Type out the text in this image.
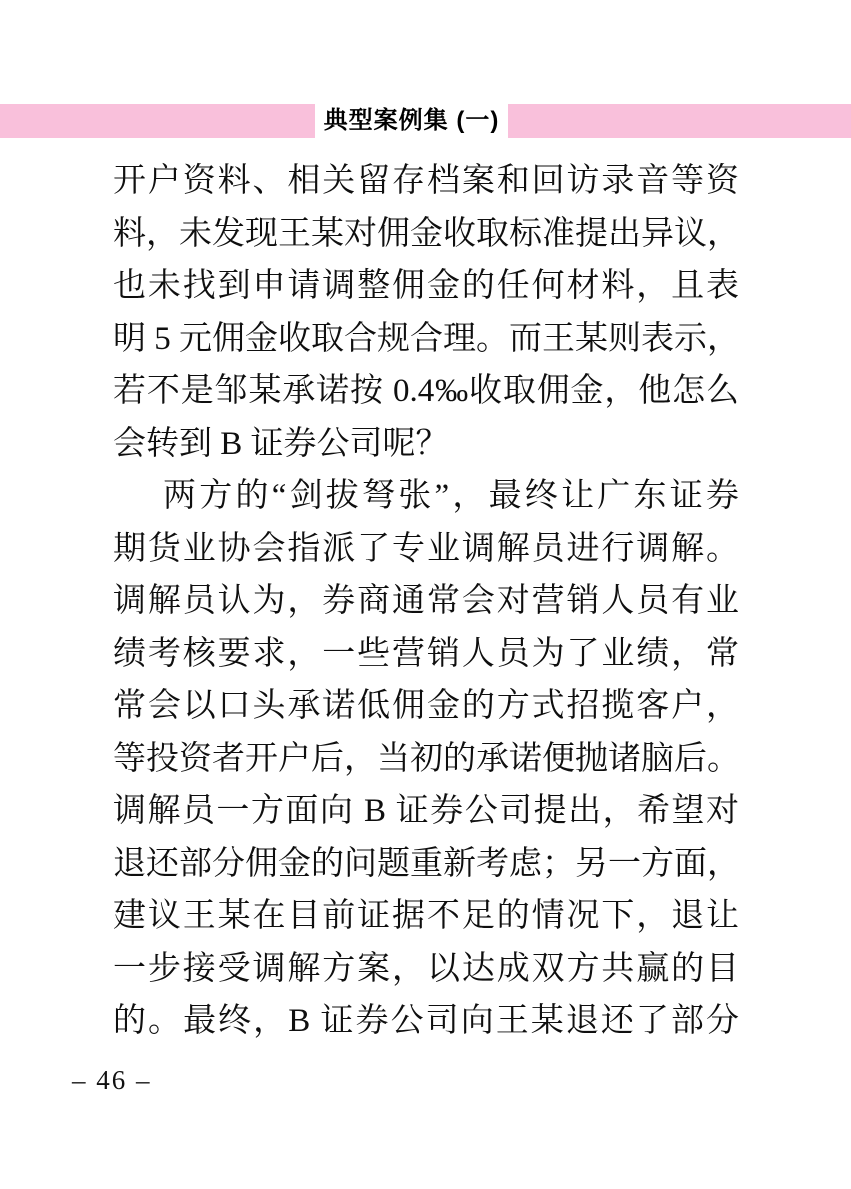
典型案例集 (一)
开户资料、相关留存档案和回访录音等资
料，未发现王某对佣金收取标准提出异议，
也未找到申请调整佣金的任何材料，且表
明 5 元佣金收取合规合理。而王某则表示，
若不是邹某承诺按 0.4‰收取佣金，他怎么
会转到 B 证券公司呢？
两方的“剑拔弩张”，最终让广东证券
期货业协会指派了专业调解员进行调解。
调解员认为，券商通常会对营销人员有业
绩考核要求，一些营销人员为了业绩，常
常会以口头承诺低佣金的方式招揽客户，
等投资者开户后，当初的承诺便抛诸脑后。
调解员一方面向 B 证券公司提出，希望对
退还部分佣金的问题重新考虑；另一方面，
建议王某在目前证据不足的情况下，退让
一步接受调解方案，以达成双方共赢的目
的。最终，B 证券公司向王某退还了部分
– 46 –
